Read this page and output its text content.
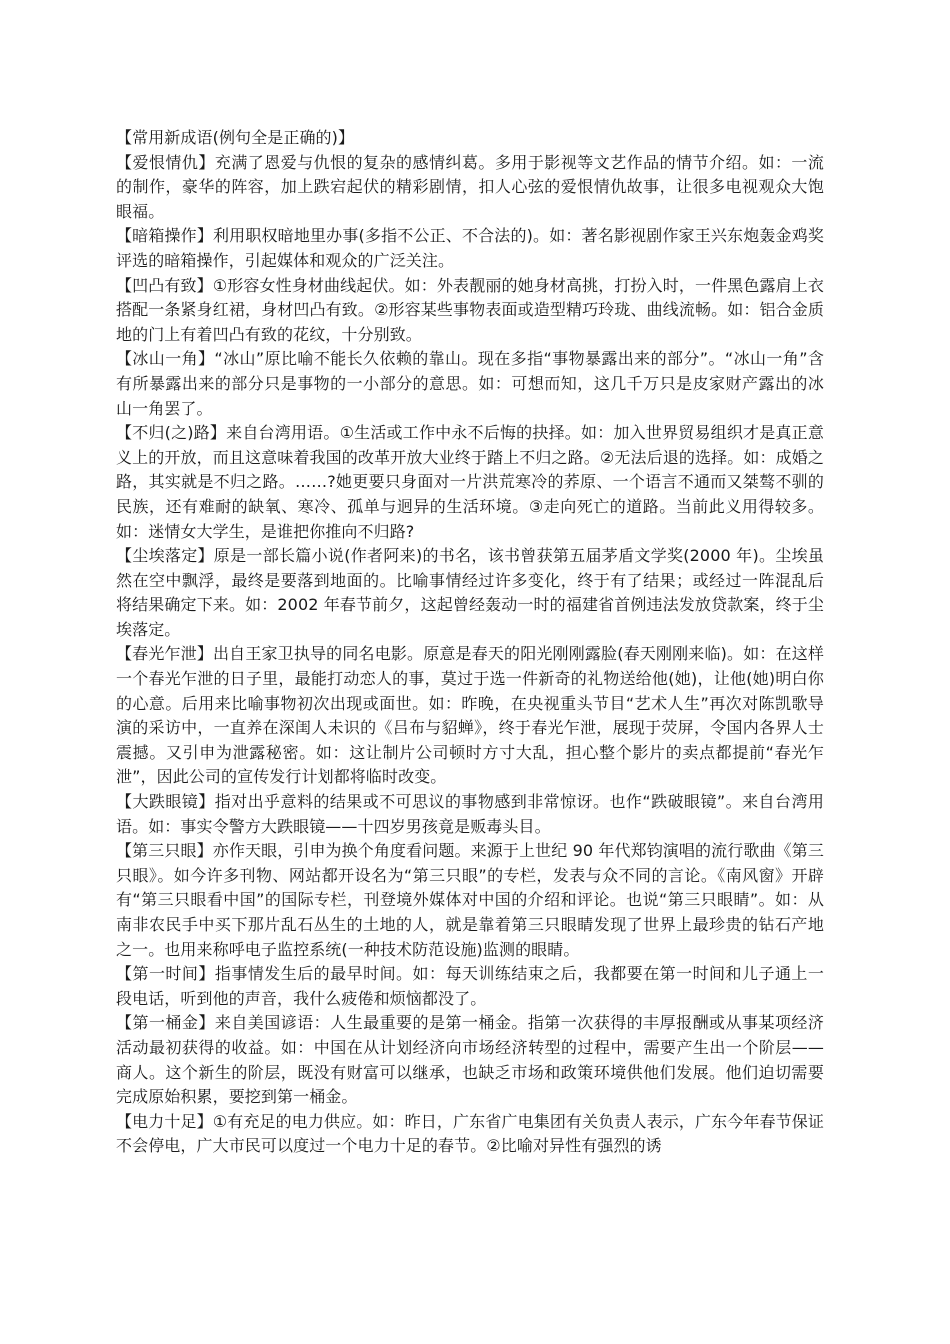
【常用新成语(例句全是正确的)】

【爱恨情仇】充满了恩爱与仇恨的复杂的感情纠葛。多用于影视等文艺作品的情节介绍。如：一流的制作，豪华的阵容，加上跌宕起伏的精彩剧情，扣人心弦的爱恨情仇故事，让很多电视观众大饱眼福。

【暗箱操作】利用职权暗地里办事(多指不公正、不合法的)。如：著名影视剧作家王兴东炮轰金鸡奖评选的暗箱操作，引起媒体和观众的广泛关注。

【凹凸有致】①形容女性身材曲线起伏。如：外表靓丽的她身材高挑，打扮入时，一件黑色露肩上衣搭配一条紧身红裙，身材凹凸有致。②形容某些事物表面或造型精巧玲珑、曲线流畅。如：铝合金质地的门上有着凹凸有致的花纹，十分别致。

【冰山一角】“冰山”原比喻不能长久依赖的靠山。现在多指“事物暴露出来的部分”。“冰山一角”含有所暴露出来的部分只是事物的一小部分的意思。如：可想而知，这几千万只是皮家财产露出的冰山一角罢了。

【不归(之)路】来自台湾用语。①生活或工作中永不后悔的抉择。如：加入世界贸易组织才是真正意义上的开放，而且这意味着我国的改革开放大业终于踏上不归之路。②无法后退的选择。如：成婚之路，其实就是不归之路。……?她更要只身面对一片洪荒寒冷的荞原、一个语言不通而又桀骜不驯的民族，还有难耐的缺氧、寒冷、孤单与迥异的生活环境。③走向死亡的道路。当前此义用得较多。如：迷情女大学生，是谁把你推向不归路?

【尘埃落定】原是一部长篇小说(作者阿来)的书名，该书曾获第五届茅盾文学奖(2000 年)。尘埃虽然在空中飘浮，最终是要落到地面的。比喻事情经过许多变化，终于有了结果；或经过一阵混乱后将结果确定下来。如：2002 年春节前夕，这起曾经轰动一时的福建省首例违法发放贷款案，终于尘埃落定。

【春光乍泄】出自王家卫执导的同名电影。原意是春天的阳光刚刚露脸(春天刚刚来临)。如：在这样一个春光乍泄的日子里，最能打动恋人的事，莫过于选一件新奇的礼物送给他(她)，让他(她)明白你的心意。后用来比喻事物初次出现或面世。如：昨晚，在央视重头节目“艺术人生”再次对陈凯歌导演的采访中，一直养在深闺人未识的《吕布与貂蝉》，终于春光乍泄，展现于荧屏，令国内各界人士震撼。又引申为泄露秘密。如：这让制片公司顿时方寸大乱，担心整个影片的卖点都提前“春光乍泄”，因此公司的宣传发行计划都将临时改变。

【大跌眼镜】指对出乎意料的结果或不可思议的事物感到非常惊讶。也作“跌破眼镜”。来自台湾用语。如：事实令警方大跌眼镜——十四岁男孩竟是贩毒头目。

【第三只眼】亦作天眼，引申为换个角度看问题。来源于上世纪 90 年代郑钧演唱的流行歌曲《第三只眼》。如今许多刊物、网站都开设名为“第三只眼”的专栏，发表与众不同的言论。《南风窗》开辟有“第三只眼看中国”的国际专栏，刊登境外媒体对中国的介绍和评论。也说“第三只眼睛”。如：从南非农民手中买下那片乱石丛生的土地的人，就是靠着第三只眼睛发现了世界上最珍贵的钻石产地之一。也用来称呼电子监控系统(一种技术防范设施)监测的眼睛。

【第一时间】指事情发生后的最早时间。如：每天训练结束之后，我都要在第一时间和儿子通上一段电话，听到他的声音，我什么疲倦和烦恼都没了。

【第一桶金】来自美国谚语：人生最重要的是第一桶金。指第一次获得的丰厚报酬或从事某项经济活动最初获得的收益。如：中国在从计划经济向市场经济转型的过程中，需要产生出一个阶层——商人。这个新生的阶层，既没有财富可以继承，也缺乏市场和政策环境供他们发展。他们迫切需要完成原始积累，要挖到第一桶金。

【电力十足】①有充足的电力供应。如：昨日，广东省广电集团有关负责人表示，广东今年春节保证不会停电，广大市民可以度过一个电力十足的春节。②比喻对异性有强烈的诱
